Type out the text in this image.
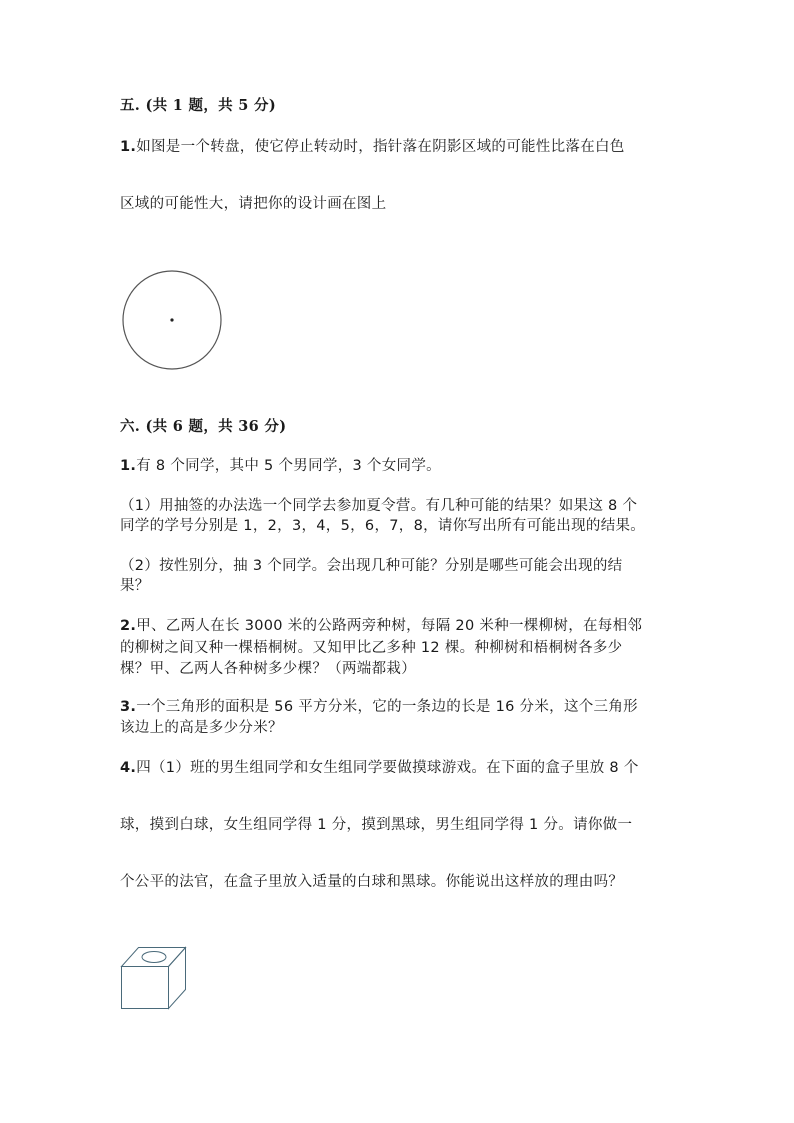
五. (共 1 题，共 5 分)
1.如图是一个转盘，使它停止转动时，指针落在阴影区域的可能性比落在白色
区域的可能性大，请把你的设计画在图上
六. (共 6 题，共 36 分)
1.有 8 个同学，其中 5 个男同学，3 个女同学。
（1）用抽签的办法选一个同学去参加夏令营。有几种可能的结果？如果这 8 个
同学的学号分别是 1，2，3，4，5，6，7，8，请你写出所有可能出现的结果。
（2）按性别分，抽 3 个同学。会出现几种可能？分别是哪些可能会出现的结
果？
2.甲、乙两人在长 3000 米的公路两旁种树，每隔 20 米种一棵柳树，在每相邻
的柳树之间又种一棵梧桐树。又知甲比乙多种 12 棵。种柳树和梧桐树各多少
棵？甲、乙两人各种树多少棵？（两端都栽）
3.一个三角形的面积是 56 平方分米，它的一条边的长是 16 分米，这个三角形
该边上的高是多少分米？
4.四（1）班的男生组同学和女生组同学要做摸球游戏。在下面的盒子里放 8 个
球，摸到白球，女生组同学得 1 分，摸到黑球，男生组同学得 1 分。请你做一
个公平的法官，在盒子里放入适量的白球和黑球。你能说出这样放的理由吗？
